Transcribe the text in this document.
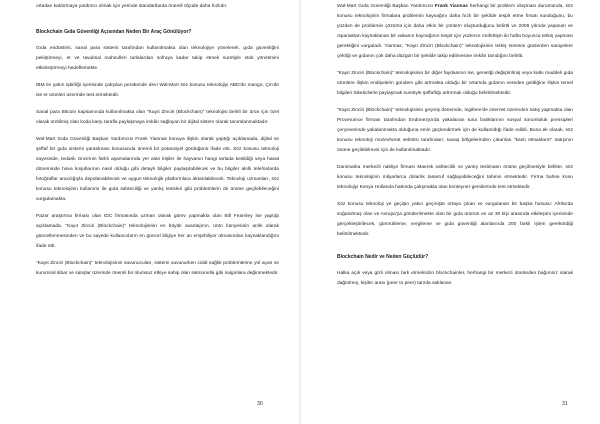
ortadan kaldırmaya yardımcı olmak için yerinde standartlarda önemli ölçüde daha hızlıdır.

Blockchain Gıda Güvenliği Açısından Neden Bir Araç Gönülüyor?

Gıda endüstrisi, sanal para sistemi tarafından kullanılmakta olan teknolojiye yönelerek, gıda güvenliğini pekiştirmeyi, et ve tavuksal mahsulleri tarlalardan sofraya kadar takip etmek suretiyle stok yönetimini etkinleştirmeyi hedeflemekte.

IBM ile yakın işbirliği içerisinde çalışılan perakende devi Wal-Mart söz konusu teknolojiyi ABD'de mango, Çin'de ise et ürünleri üzerinde test etmektedir.

Sanal para Bitcoin kapsamında kullanılmakta olan "Kayıt Zinciri (Blockchain)" teknolojisi belirli bir ürün için özel olarak üretilmiş olan koda karşı tarafla paylaşmaya imkân sağlayan bir dijital sistem olarak tanımlanmaktadır.

Wal-Mart Gıda Güvenliği Başkan Yardımcısı Frank Yiannas konuya ilişkin olarak yaptığı açıklamada, dijital ve şeffaf bir gıda sistemi yaratılması konusunda önemli bir potansiyel gördüğünü ifade etti. Söz konusu teknoloji sayesinde, tedarik zincirinin farklı aşamalarında yer alan kişiler ile hayvanın hangi tarlada kesildiği veya hasat döneminde hava koşullarının nasıl olduğu gibi detaylı bilgiler paylaşılabilecek ve bu bilgiler akıllı telefonlarda fotoğraflar aracılığıyla depolanabilecek ve uygun teknolojik platformlara aktarılabilecek. Teknoloji uzmanları, söz konusu teknolojinin kullanımı ile gıda sahteciliği ve yanlış tesisleri gibi problemlerin de önüne geçilebileceğini vurgulamakta.

Pazar araştırma firması olan IDC firmasında uzman olarak görev yapmakta olan Bill Fearnley ise yaptığı açıklamada, "Kayıt Zinciri (Blockchain)" teknolojisinin en büyük avantajının, ürün künyesinin anlık olarak güncellenmesinden ve bu sayede kullanıcıların en güncel bilgiye her an erişebiliyor olmasından kaynaklandığını ifade etti.

"Kayıt Zinciri (Blockchain)" teknolojisinin savunucuları, sistemi savunurken ciddi sağlık problemlerine yol açan ve kurumsal itibar ve satışlar üzerinde önemli bir olumsuz etkiye sahip olan salmonella gibi salgınlara değinmektedir.

30

Wal-Mart Gıda Güvenliği Başkan Yardımcısı Frank Yiannas herhangi bir problem oluşması durumunda, söz konusu teknolojinin firmalara problemin kaynağını daha hızlı bir şekilde tespit etme fırsatı sunduğunu, bu yüzden de problemin çözümü için daha etkin bir yöntem oluşturduğunu belirtti ve 2006 yılında yaşanan ve ıspanaktan kaynaklanan bir vakanın kaynağının tespit için yüzlerce müfettişin iki hafta boyunca tetkiş yapması gerektiğini vurguladı. Yiannas, "Kayıt Zinciri (Blockchain)" teknolojisinin tetkiş süresini günlerden saniyelere çektiği ve gıdanın çok daha düzgün bir şekilde takip edilmesine imkân tanıdığını belirtti.

"Kayıt Zinciri (Blockchain)" teknolojisinin bir diğer faydasının ise, genetiği değiştirilmiş veya katkı maddeli gıda ürünlere ilişkin endişelerin gündem gibi artmakta olduğu bir ortamda gıdanın nereden geldiğine ilişkin temel bilgileri tüketicilerle paylaşmak suretiyle şeffaflığı arttırmak olduğu belirtilmektedir.

"Kayıt Zinciri (Blockchain)" teknolojisinin geçmiş dönemde, İngiltere'de internet üzerinden satış yapmakta olan Provenance firması tarafından Endonezya'da yakalanan tuna balıklarının sosyal sorumluluk prensipleri çerçevesinde yakalanmakta olduğuna emin güçlendirmek için de kullanıldığı ifade edildi. Buna ek olarak, söz konusu teknoloji müzevherat sektörü tarafından; savaş bölgelerinden çıkarılan "kanlı elmasların" satışının önüne geçilebilmesi için de kullanılmaktadır.

Danimarka merkezli nakliye firması Maersk sahtecilik ve yanlış teslimatın önüne geçilmesiyle birlikte, söz konusu teknolojinin milyarlarca dolarlık tasarruf sağlayabileceğini tahmin etmektedir. Firma bahse konu teknolojiyi Kenya Hollanda hattında çalışmakta olan konteyner gemilerinde test etmektedir.

Söz konusu teknoloji ye geçişin yakın geçmişte ortaya çıkan ve vurgulanan bir başka hususu: Afrika'da soğutulmuş olan ve Avrupa'ya gönderilmekte olan bir gıda ürünün en az 30 kişi arasında etkileşimi içerisinde gerçekleştirilecek, gümrükleme, vergileme ve gıda güvenliği alanlarında 200 farklı işlem gerektirdiği belirtilmektedir.

Blockchain Nedir ve Neden Güçlüdür?

Halka açık veya gizli olması fark etmeksizin blockchainler, herhangi bir merkezi otoriteden bağımsız olarak dağıtılmış, kişiler arası (peer to peer) tarzda saklanan

31
